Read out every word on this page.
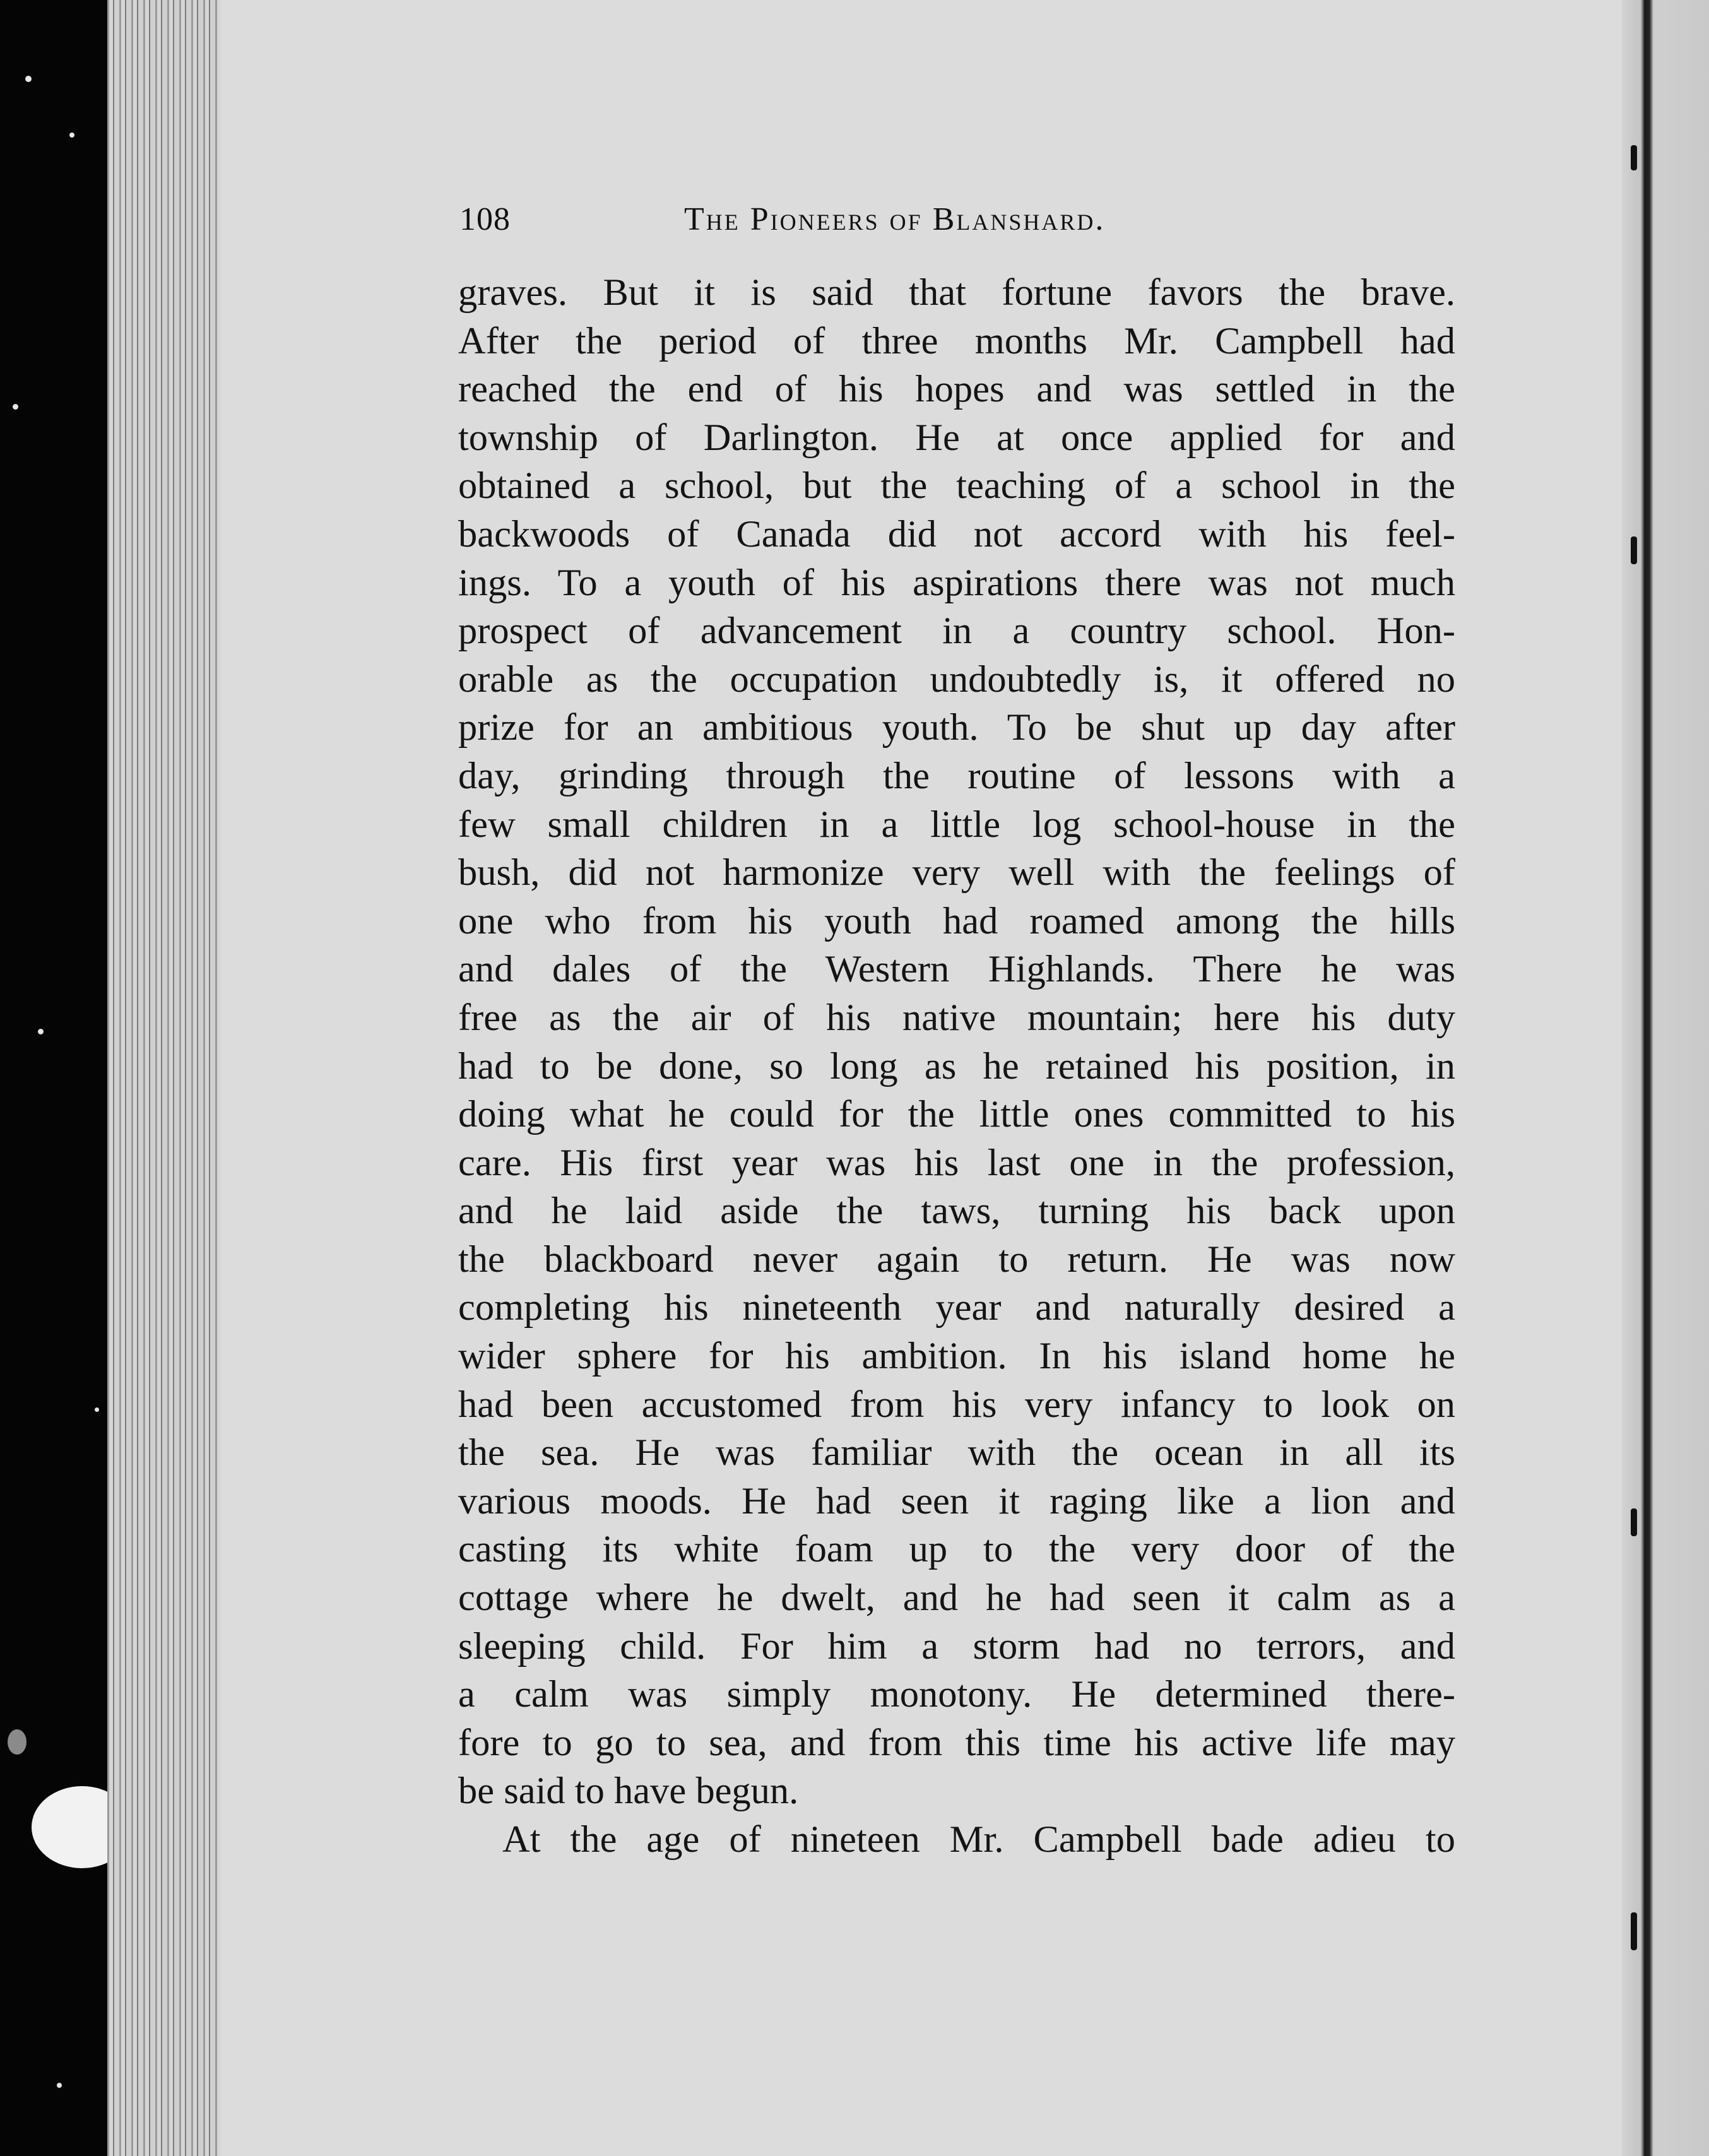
108	The Pioneers of Blanshard.
graves. But it is said that fortune favors the brave.
After the period of three months Mr. Campbell had
reached the end of his hopes and was settled in the
township of Darlington. He at once applied for and
obtained a school, but the teaching of a school in the
backwoods of Canada did not accord with his feel-
ings. To a youth of his aspirations there was not much
prospect of advancement in a country school. Hon-
orable as the occupation undoubtedly is, it offered no
prize for an ambitious youth. To be shut up day after
day, grinding through the routine of lessons with a
few small children in a little log school-house in the
bush, did not harmonize very well with the feelings of
one who from his youth had roamed among the hills
and dales of the Western Highlands. There he was
free as the air of his native mountain; here his duty
had to be done, so long as he retained his position, in
doing what he could for the little ones committed to his
care. His first year was his last one in the profession,
and he laid aside the taws, turning his back upon
the blackboard never again to return. He was now
completing his nineteenth year and naturally desired a
wider sphere for his ambition. In his island home he
had been accustomed from his very infancy to look on
the sea. He was familiar with the ocean in all its
various moods. He had seen it raging like a lion and
casting its white foam up to the very door of the
cottage where he dwelt, and he had seen it calm as a
sleeping child. For him a storm had no terrors, and
a calm was simply monotony. He determined there-
fore to go to sea, and from this time his active life may
be said to have begun.
At the age of nineteen Mr. Campbell bade adieu to
